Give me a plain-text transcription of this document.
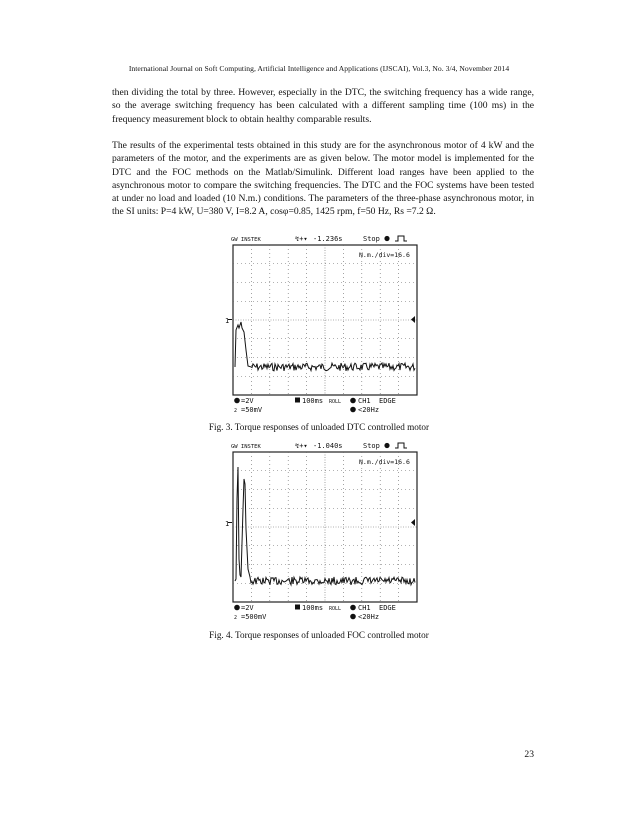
International Journal on Soft Computing, Artificial Intelligence and Applications (IJSCAI), Vol.3, No. 3/4, November 2014

then dividing the total by three. However, especially in the DTC, the switching frequency has a wide range, so the average switching frequency has been calculated with a different sampling time (100 ms) in the frequency measurement block to obtain healthy comparable results.

The results of the experimental tests obtained in this study are for the asynchronous motor of 4 kW and the parameters of the motor, and the experiments are as given below. The motor model is implemented for the DTC and the FOC methods on the Matlab/Simulink. Different load ranges have been applied to the asynchronous motor to compare the switching frequencies. The DTC and the FOC systems have been tested at under no load and loaded (10 N.m.) conditions. The parameters of the three-phase asynchronous motor, in the SI units: P=4 kW, U=380 V, I=8.2 A, cosφ=0.85, 1425 rpm, f=50 Hz, Rs =7.2 Ω.

GW INSTEK	↯+▾ -1.236s	Stop
N.m./div=16.6
1
=2V
2 =50mV
100ms ROLL CH1 EDGE
<20Hz
Fig. 3. Torque responses of unloaded DTC controlled motor
GW INSTEK	↯+▾ -1.040s	Stop
N.m./div=16.6
1
=2V
2 =500mV
100ms ROLL CH1 EDGE
<20Hz
Fig. 4. Torque responses of unloaded FOC controlled motor
23
